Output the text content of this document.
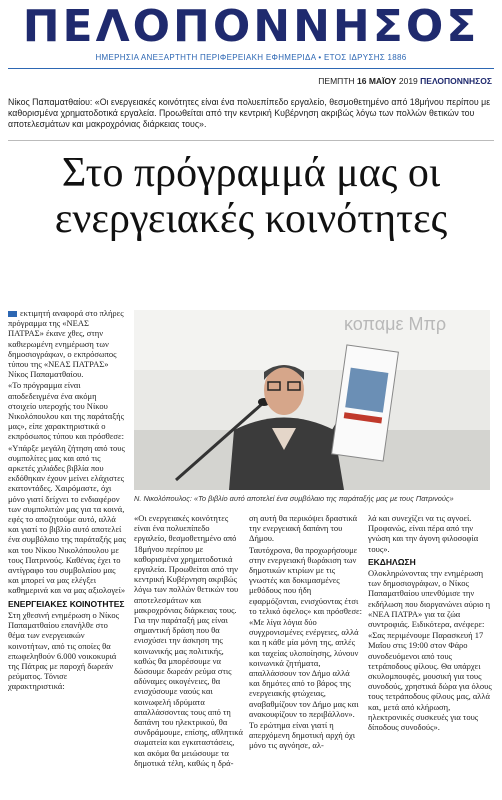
ΠΕΛΟΠΟΝΝΗΣΟΣ
ΗΜΕΡΗΣΙΑ ΑΝΕΞΑΡΤΗΤΗ ΠΕΡΙΦΕΡΕΙΑΚΗ ΕΦΗΜΕΡΙΔΑ • ΕΤΟΣ ΙΔΡΥΣΗΣ 1886
ΠΕΜΠΤΗ 16 ΜΑΪΟΥ 2019 ΠΕΛΟΠΟΝΝΗΣΟΣ
Νίκος Παπαματθαίου: «Οι ενεργειακές κοινότητες είναι ένα πολυεπίπεδο εργαλείο, θεσμοθετημένο από 18μήνου περίπου με καθορισμένα χρηματοδοτικά εργαλεία. Προωθείται από την κεντρική Κυβέρνηση ακριβώς λόγω των πολλών θετικών του αποτελεσμάτων και μακροχρόνιας διάρκειας τους».
Στο πρόγραμμά μας οι ενεργειακές κοινότητες

εκτιμητή αναφορά στο πλήρες πρόγραμμα της «ΝΕΑΣ ΠΑΤΡΑΣ» έκανε χθες, στην καθιερωμένη ενημέρωση των δημοσιογράφων, ο εκπρόσωπος τύπου της «ΝΕΑΣ ΠΑΤΡΑΣ» Νίκος Παπαματθαίου.

«Το πρόγραμμα είναι αποδεδειγμένα ένα ακόμη στοιχείο υπεροχής του Νίκου Νικολόπουλου και της παράταξής μας», είπε χαρακτηριστικά ο εκπρόσωπος τύπου και πρόσθεσε:

«Υπάρξε μεγάλη ζήτηση από τους συμπολίτες μας και από τις αρκετές χιλιάδες βιβλία που εκδόθηκαν έχουν μείνει ελάχιστες εκατοντάδες. Χαιρόμαστε, όχι μόνο γιατί δείχνει το ενδιαφέρον των συμπολιτών μας για τα κοινά, εφές το αποζητούμε αυτό, αλλά και γιατί το βιβλίο αυτό αποτελεί ένα συμβόλαιο της παράταξής μας και του Νίκου Νικολόπουλου με τους Πατρινούς. Καθένας έχει το αντίγραφο του συμβολαίου μας και μπορεί να μας ελέγξει καθημερινά και να μας αξιολογεί»

ΕΝΕΡΓΕΙΑΚΕΣ ΚΟΙΝΟΤΗΤΕΣ

Στη χθεσινή ενημέρωση ο Νίκος Παπαματθαίου επανήλθε στο θέμα των ενεργειακών κοινοτήτων, από τις οποίες θα επωφεληθούν 6.000 νοικοκυριά της Πάτρας με παροχή δωρεάν ρεύματος. Τόνισε χαρακτηριστικά:

κοπαμε Μπρ
Ν. Νικολόπουλος: «Το βιβλίο αυτό αποτελεί ένα συμβόλαιο της παράταξής μας με τους Πατρινούς»

«Οι ενεργειακές κοινότητες είναι ένα πολυεπίπεδο εργαλείο, θεσμοθετημένο από 18μήνου περίπου με καθορισμένα χρηματοδοτικά εργαλεία. Προωθείται από την κεντρική Κυβέρνηση ακριβώς λόγω των πολλών θετικών του αποτελεσμάτων και μακροχρόνιας διάρκειας τους. Για την παράταξή μας είναι σημαντική δράση που θα ενισχύσει την άσκηση της κοινωνικής μας πολιτικής, καθώς θα μπορέσουμε να δώσουμε δωρεάν ρεύμα στις αδύναμες οικογένειες, θα ενισχύσουμε ναούς και κοινωφελή ιδρύματα απαλλάσσοντας τους από τη δαπάνη του ηλεκτρικού, θα συνδράμουμε, επίσης, αθλητικά σωματεία και εγκαταστάσεις, και ακόμα θα μειώσουμε τα δημοτικά τέλη, καθώς η δρά-

ση αυτή θα περικόψει δραστικά την ενεργειακή δαπάνη του Δήμου.

Ταυτόχρονα, θα προχωρήσουμε στην ενεργειακή θωράκιση των δημοτικών κτιρίων με τις γνωστές και δοκιμασμένες μεθόδους που ήδη εφαρμόζονται, ενισχύοντας έτσι το τελικό όφελος» και πρόσθεσε:

«Με λίγα λόγια δύο συγχρονισμένες ενέργειες, αλλά και η κάθε μία μόνη της, απλές και ταχείας υλοποίησης, λύνουν κοινωνικά ζητήματα, απαλλάσσουν τον Δήμο αλλά και δημότες από το βάρος της ενεργειακής φτώχειας, αναβαθμίζουν τον Δήμο μας και ανακουφίζουν το περιβάλλον».

Το ερώτημα είναι γιατί η απερχόμενη δημοτική αρχή όχι μόνο τις αγνόησε, αλ-

λά και συνεχίζει να τις αγνοεί. Προφανώς, είναι πέρα από την γνώση και την άγονη φιλοσοφία τους».

ΕΚΔΗΛΩΣΗ

Ολοκληρώνοντας την ενημέρωση των δημοσιογράφων, ο Νίκος Παπαματθαίου υπενθύμισε την εκδήλωση που διοργανώνει αύριο η «ΝΕΑ ΠΑΤΡΑ» για τα ζώα συντροφιάς. Ειδικότερα, ανέφερε:

«Σας περιμένουμε Παρασκευή 17 Μαΐου στις 19:00 στον Φάρο συνοδευόμενοι από τους τετράποδους φίλους. Θα υπάρχει σκυλομπουφές, μουσική για τους συνοδούς, χρηστικά δώρα για όλους τους τετράποδους φίλους μας, αλλά και, μετά από κλήρωση, ηλεκτρονικές συσκευές για τους δίποδους συνοδούς».
